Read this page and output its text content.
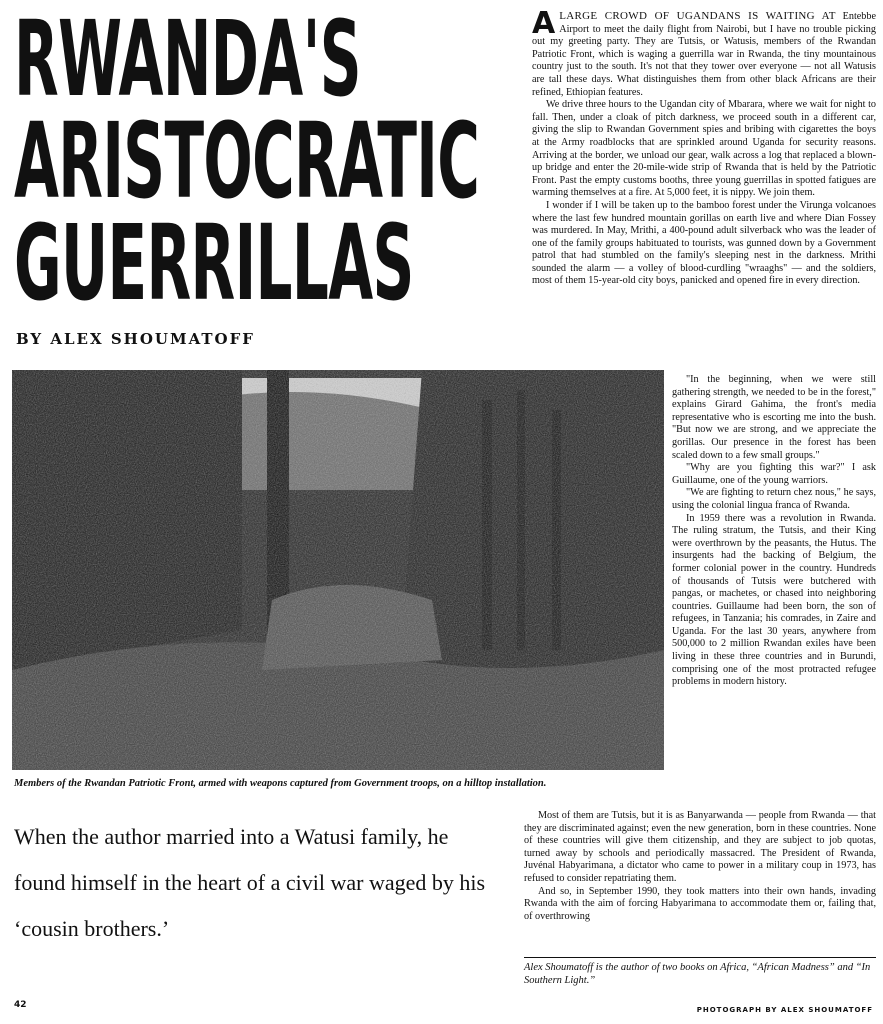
RWANDA'S
ARISTOCRATIC
GUERRILLAS

BY ALEX SHOUMATOFF

Members of the Rwandan Patriotic Front, armed with weapons captured from Government troops, on a hilltop installation.

When the author married into a Watusi family, he found himself in the heart of a civil war waged by his ‘cousin brothers.’

42

A LARGE CROWD OF UGANDANS IS WAITING AT Entebbe Airport to meet the daily flight from Nairobi, but I have no trouble picking out my greeting party. They are Tutsis, or Watusis, members of the Rwandan Patriotic Front, which is waging a guerrilla war in Rwanda, the tiny mountainous country just to the south. It's not that they tower over everyone — not all Watusis are tall these days. What distinguishes them from other black Africans are their refined, Ethiopian features.

We drive three hours to the Ugandan city of Mbarara, where we wait for night to fall. Then, under a cloak of pitch darkness, we proceed south in a different car, giving the slip to Rwandan Government spies and bribing with cigarettes the boys at the Army roadblocks that are sprinkled around Uganda for security reasons. Arriving at the border, we unload our gear, walk across a log that replaced a blown-up bridge and enter the 20-mile-wide strip of Rwanda that is held by the Patriotic Front. Past the empty customs booths, three young guerrillas in spotted fatigues are warming themselves at a fire. At 5,000 feet, it is nippy. We join them.

I wonder if I will be taken up to the bamboo forest under the Virunga volcanoes where the last few hundred mountain gorillas on earth live and where Dian Fossey was murdered. In May, Mrithi, a 400-pound adult silverback who was the leader of one of the family groups habituated to tourists, was gunned down by a Government patrol that had stumbled on the family's sleeping nest in the darkness. Mrithi sounded the alarm — a volley of blood-curdling "wraaghs" — and the soldiers, most of them 15-year-old city boys, panicked and opened fire in every direction.

"In the beginning, when we were still gathering strength, we needed to be in the forest," explains Girard Gahima, the front's media representative who is escorting me into the bush. "But now we are strong, and we appreciate the gorillas. Our presence in the forest has been scaled down to a few small groups."

"Why are you fighting this war?" I ask Guillaume, one of the young warriors.

"We are fighting to return chez nous," he says, using the colonial lingua franca of Rwanda.

In 1959 there was a revolution in Rwanda. The ruling stratum, the Tutsis, and their King were overthrown by the peasants, the Hutus. The insurgents had the backing of Belgium, the former colonial power in the country. Hundreds of thousands of Tutsis were butchered with pangas, or machetes, or chased into neighboring countries. Guillaume had been born, the son of refugees, in Tanzania; his comrades, in Zaire and Uganda. For the last 30 years, anywhere from 500,000 to 2 million Rwandan exiles have been living in these three countries and in Burundi, comprising one of the most protracted refugee problems in modern history.

Most of them are Tutsis, but it is as Banyarwanda — people from Rwanda — that they are discriminated against; even the new generation, born in these countries. None of these countries will give them citizenship, and they are subject to job quotas, turned away by schools and periodically massacred. The President of Rwanda, Juvénal Habyarimana, a dictator who came to power in a military coup in 1973, has refused to consider repatriating them.

And so, in September 1990, they took matters into their own hands, invading Rwanda with the aim of forcing Habyarimana to accommodate them or, failing that, of overthrowing

Alex Shoumatoff is the author of two books on Africa, “African Madness” and “In Southern Light.”

PHOTOGRAPH BY ALEX SHOUMATOFF
